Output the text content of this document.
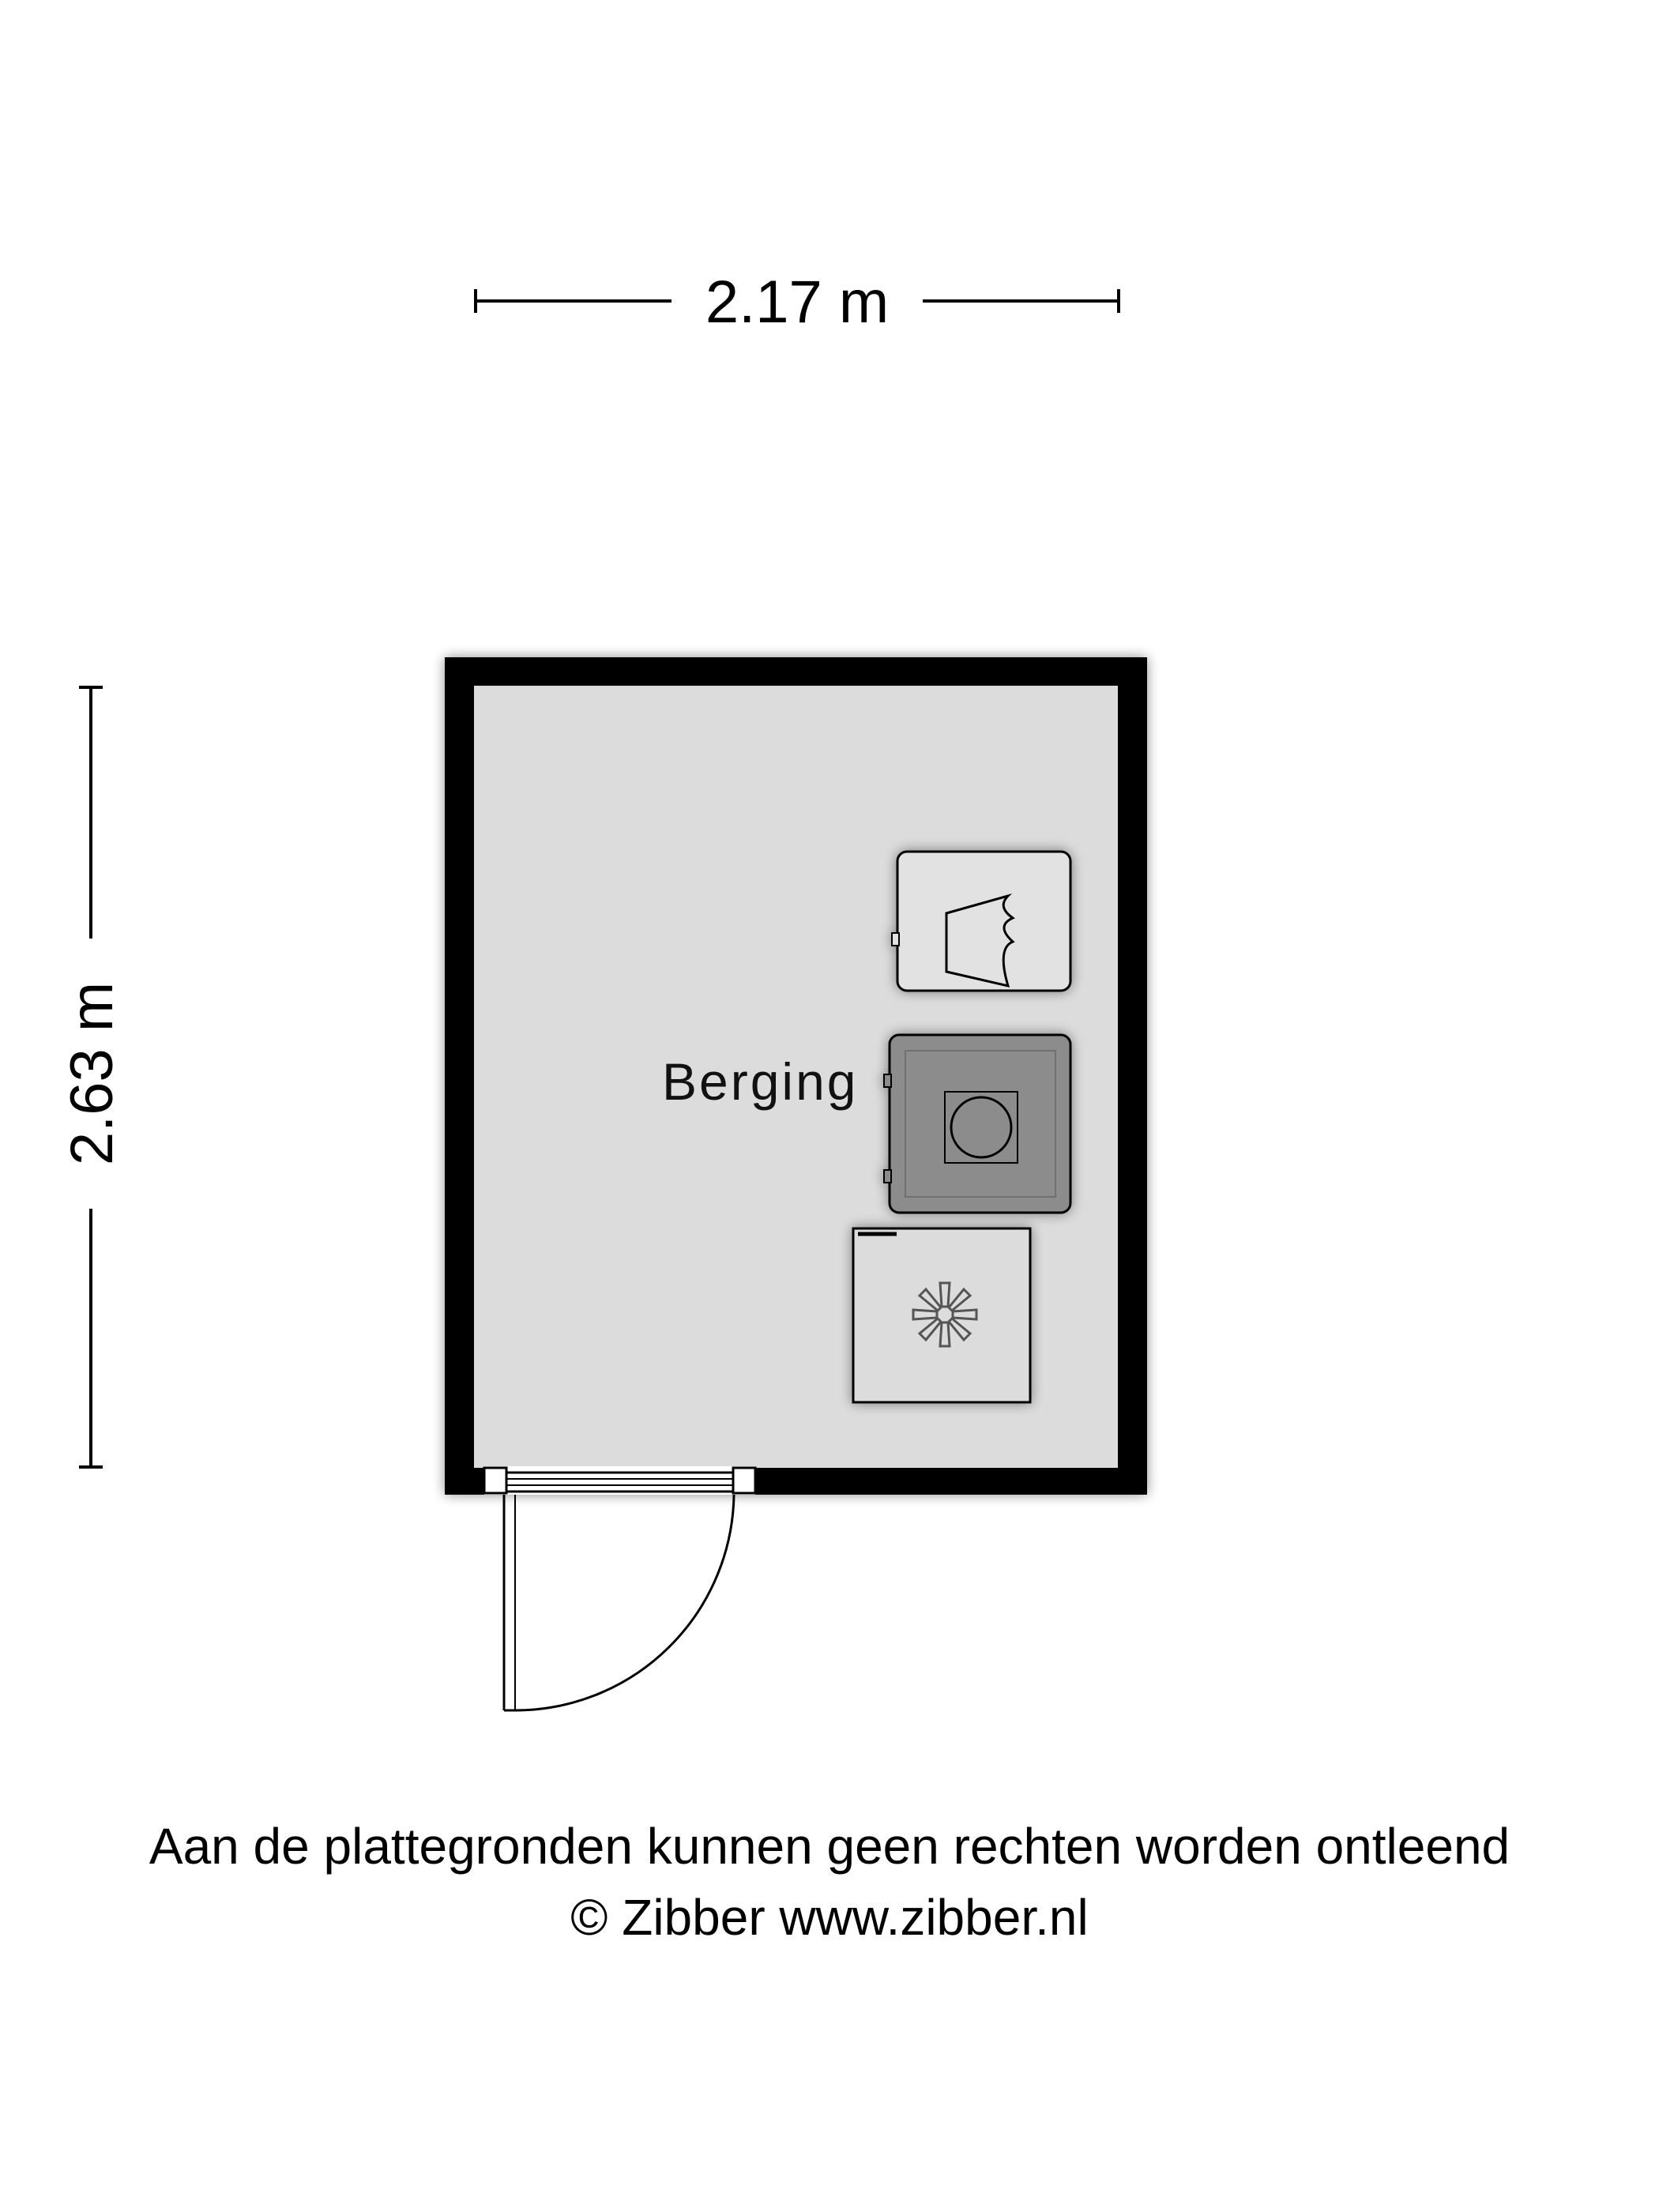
2.17 m
2.63 m	Berging
Aan de plattegronden kunnen geen rechten worden ontleend
© Zibber www.zibber.nl
